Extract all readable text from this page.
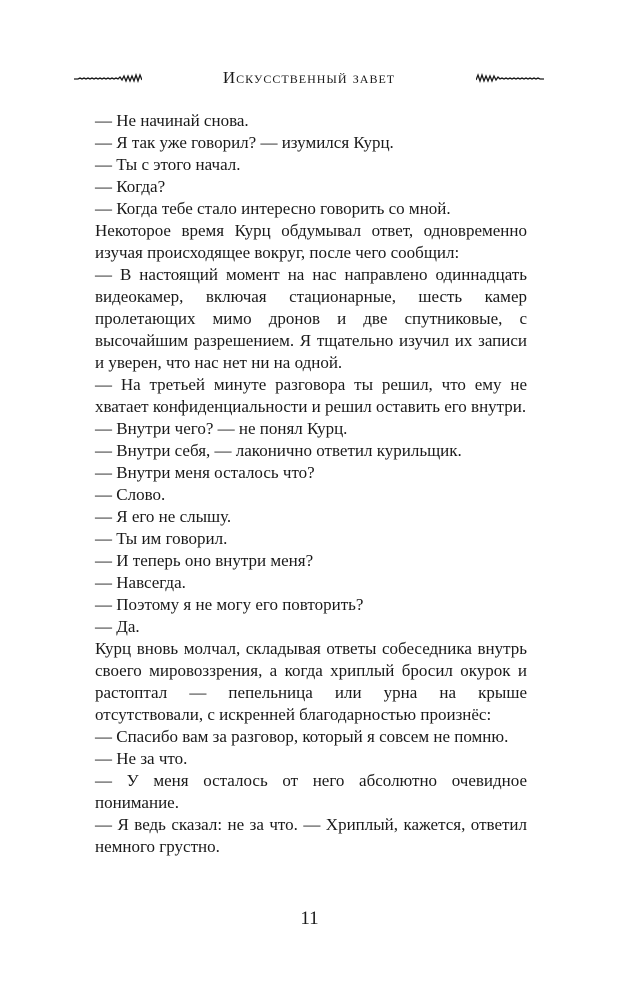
Искусственный завет

— Не начинай снова.

— Я так уже говорил? — изумился Курц.

— Ты с этого начал.

— Когда?

— Когда тебе стало интересно говорить со мной.

Некоторое время Курц обдумывал ответ, одновременно изучая происходящее вокруг, после чего сообщил:

— В настоящий момент на нас направлено одиннадцать видеокамер, включая стационарные, шесть камер пролетающих мимо дронов и две спутниковые, с высочайшим разрешением. Я тщательно изучил их записи и уверен, что нас нет ни на одной.

— На третьей минуте разговора ты решил, что ему не хватает конфиденциальности и решил оставить его внутри.

— Внутри чего? — не понял Курц.

— Внутри себя, — лаконично ответил курильщик.

— Внутри меня осталось что?

— Слово.

— Я его не слышу.

— Ты им говорил.

— И теперь оно внутри меня?

— Навсегда.

— Поэтому я не могу его повторить?

— Да.

Курц вновь молчал, складывая ответы собеседника внутрь своего мировоззрения, а когда хриплый бросил окурок и растоптал — пепельница или урна на крыше отсутствовали, с искренней благодарностью произнёс:

— Спасибо вам за разговор, который я совсем не помню.

— Не за что.

— У меня осталось от него абсолютно очевидное понимание.

— Я ведь сказал: не за что. — Хриплый, кажется, ответил немного грустно.

11
